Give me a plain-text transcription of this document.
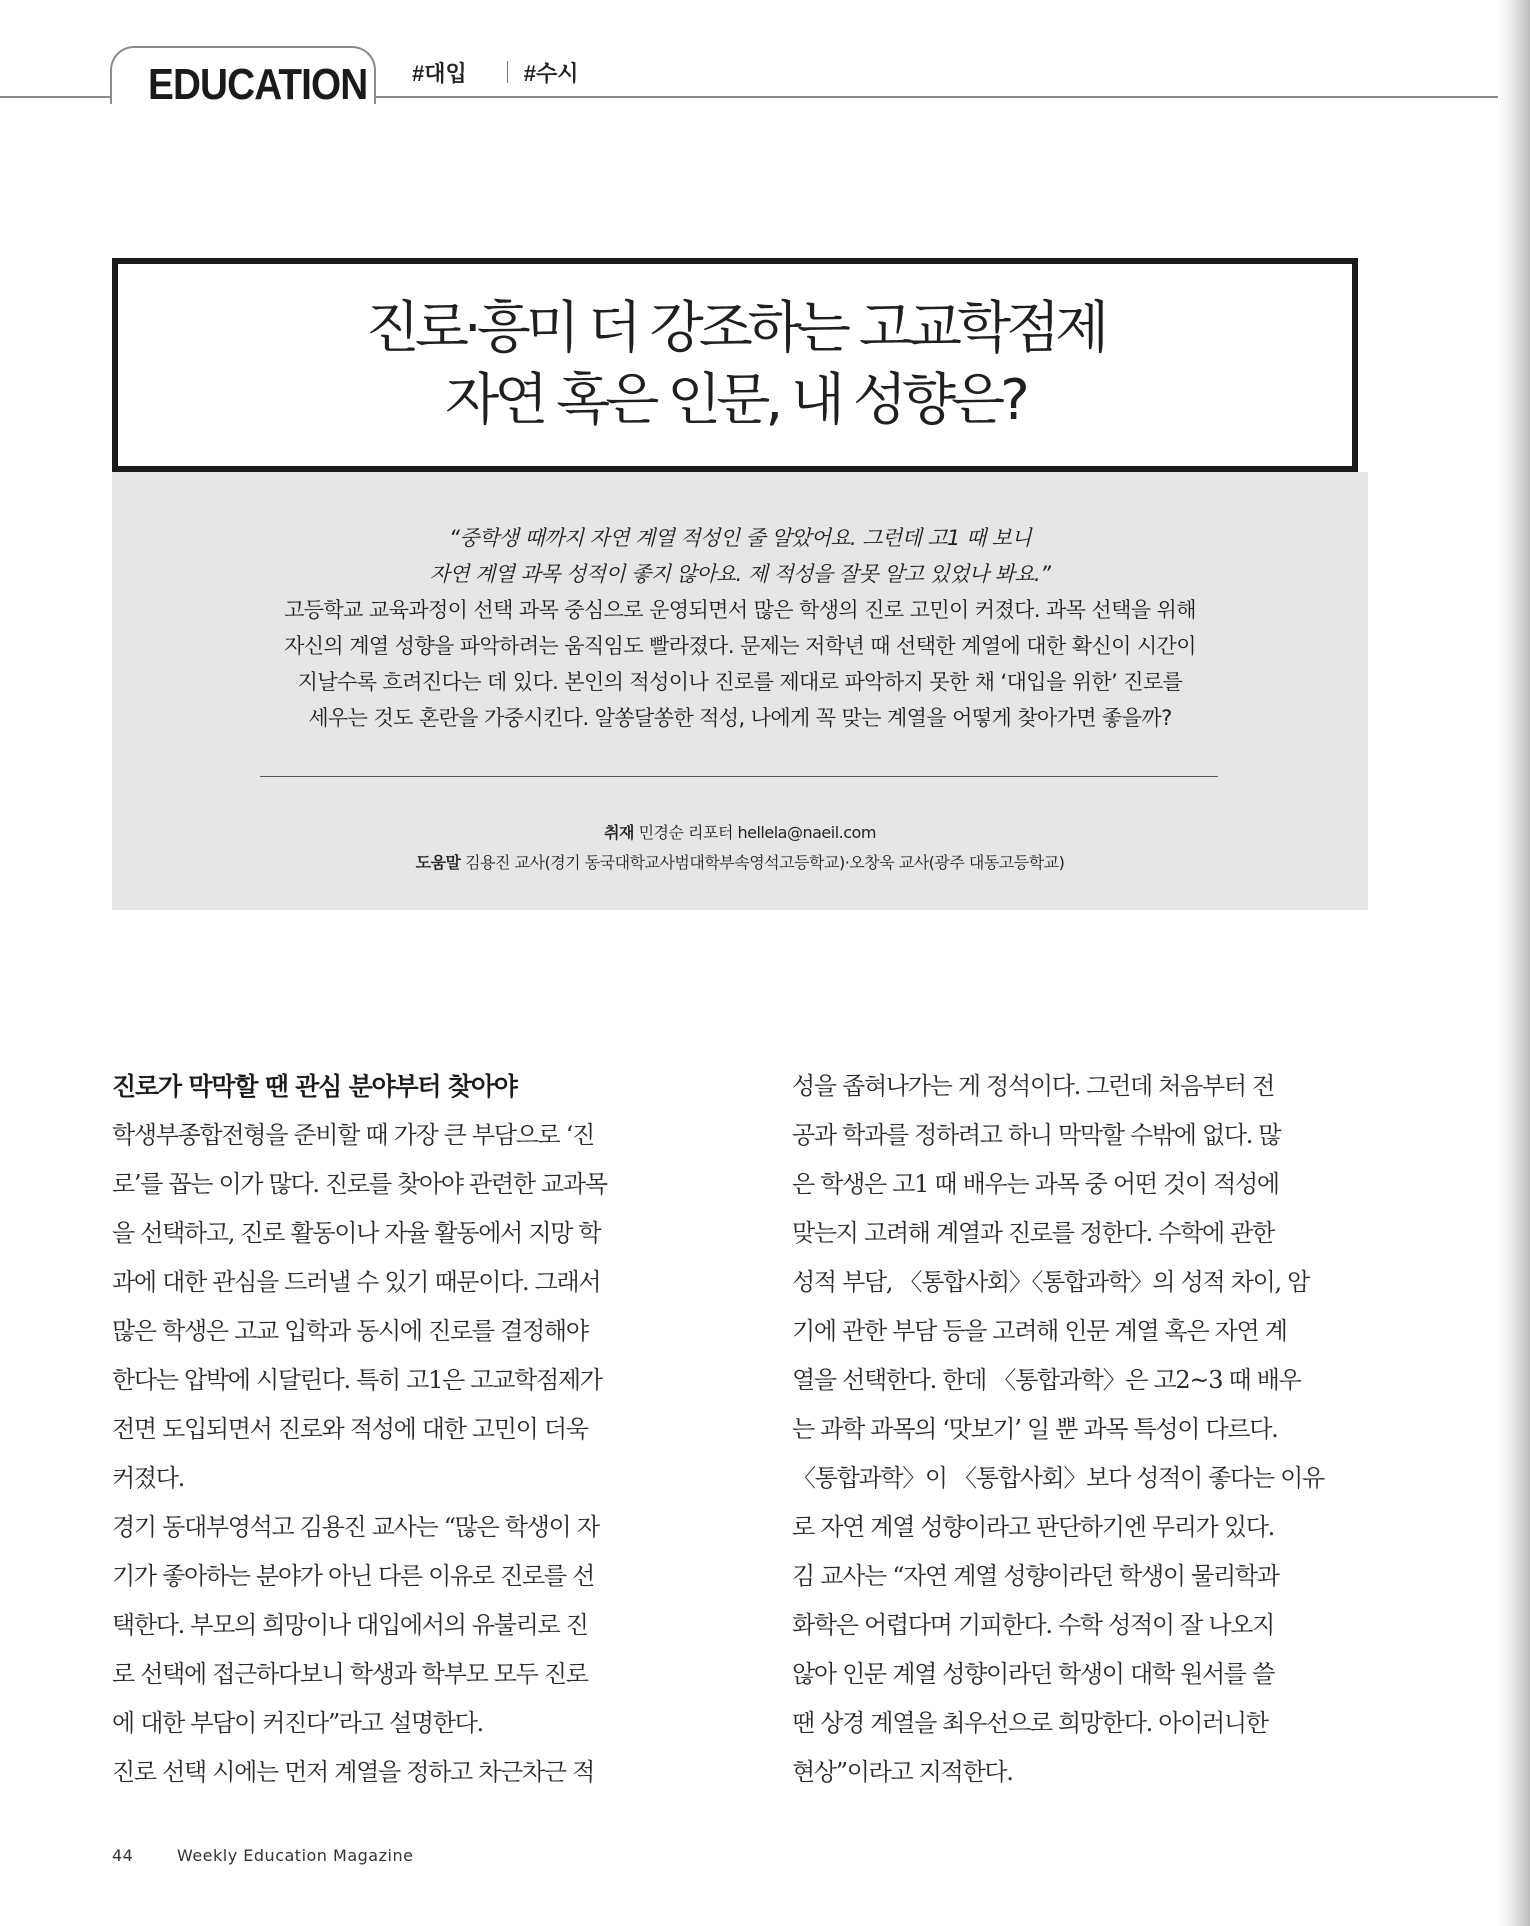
EDUCATION #대입	#수시
진로·흥미 더 강조하는 고교학점제
자연 혹은 인문, 내 성향은?
“중학생 때까지 자연 계열 적성인 줄 알았어요. 그런데 고1 때 보니
자연 계열 과목 성적이 좋지 않아요. 제 적성을 잘못 알고 있었나 봐요.”
고등학교 교육과정이 선택 과목 중심으로 운영되면서 많은 학생의 진로 고민이 커졌다. 과목 선택을 위해
자신의 계열 성향을 파악하려는 움직임도 빨라졌다. 문제는 저학년 때 선택한 계열에 대한 확신이 시간이
지날수록 흐려진다는 데 있다. 본인의 적성이나 진로를 제대로 파악하지 못한 채 ‘대입을 위한’ 진로를
세우는 것도 혼란을 가중시킨다. 알쏭달쏭한 적성, 나에게 꼭 맞는 계열을 어떻게 찾아가면 좋을까?
취재 민경순 리포터 hellela@naeil.com
도움말 김용진 교사(경기 동국대학교사범대학부속영석고등학교)·오창욱 교사(광주 대동고등학교)
진로가 막막할 땐 관심 분야부터 찾아야
학생부종합전형을 준비할 때 가장 큰 부담으로 ‘진
로’를 꼽는 이가 많다. 진로를 찾아야 관련한 교과목
을 선택하고, 진로 활동이나 자율 활동에서 지망 학
과에 대한 관심을 드러낼 수 있기 때문이다. 그래서
많은 학생은 고교 입학과 동시에 진로를 결정해야
한다는 압박에 시달린다. 특히 고1은 고교학점제가
전면 도입되면서 진로와 적성에 대한 고민이 더욱
커졌다.
경기 동대부영석고 김용진 교사는 “많은 학생이 자
기가 좋아하는 분야가 아닌 다른 이유로 진로를 선
택한다. 부모의 희망이나 대입에서의 유불리로 진
로 선택에 접근하다보니 학생과 학부모 모두 진로
에 대한 부담이 커진다”라고 설명한다.
진로 선택 시에는 먼저 계열을 정하고 차근차근 적
성을 좁혀나가는 게 정석이다. 그런데 처음부터 전
공과 학과를 정하려고 하니 막막할 수밖에 없다. 많
은 학생은 고1 때 배우는 과목 중 어떤 것이 적성에
맞는지 고려해 계열과 진로를 정한다. 수학에 관한
성적 부담, 〈통합사회〉〈통합과학〉의 성적 차이, 암
기에 관한 부담 등을 고려해 인문 계열 혹은 자연 계
열을 선택한다. 한데 〈통합과학〉은 고2~3 때 배우
는 과학 과목의 ‘맛보기’ 일 뿐 과목 특성이 다르다.
〈통합과학〉이 〈통합사회〉보다 성적이 좋다는 이유
로 자연 계열 성향이라고 판단하기엔 무리가 있다.
김 교사는 “자연 계열 성향이라던 학생이 물리학과
화학은 어렵다며 기피한다. 수학 성적이 잘 나오지
않아 인문 계열 성향이라던 학생이 대학 원서를 쓸
땐 상경 계열을 최우선으로 희망한다. 아이러니한
현상”이라고 지적한다.
44	Weekly Education Magazine
